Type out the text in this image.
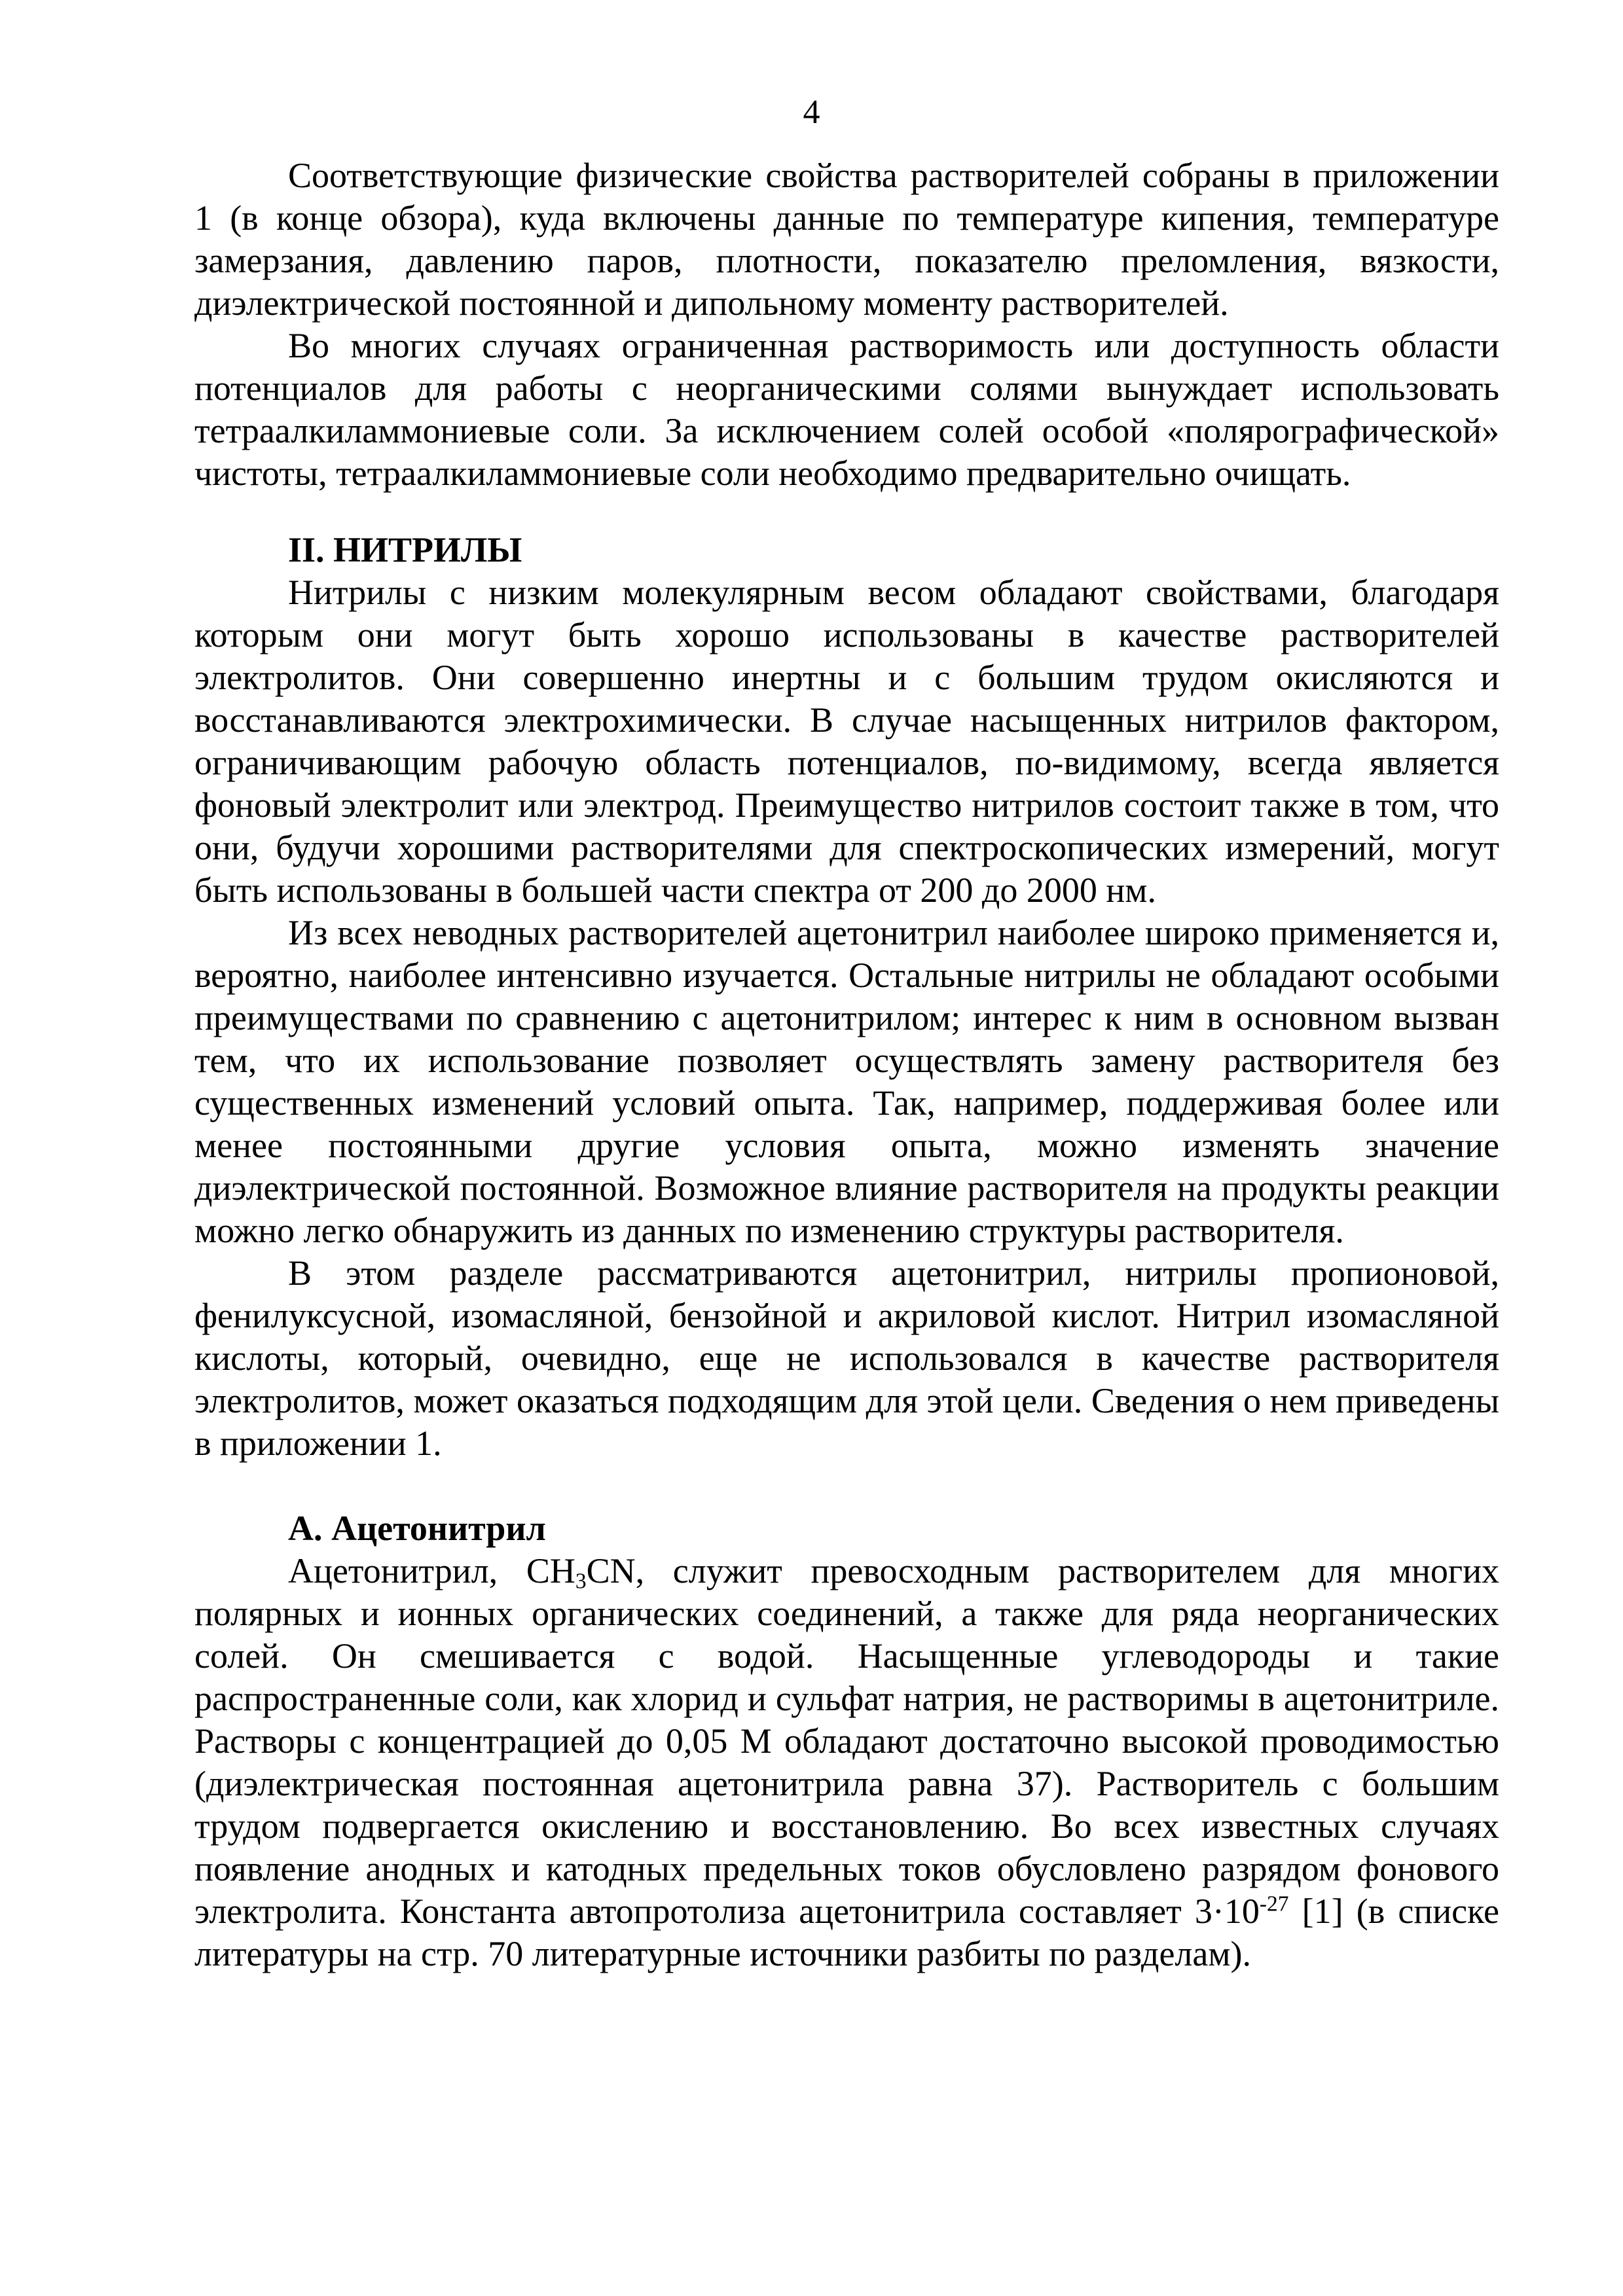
4

Соответствующие физические свойства растворителей собраны в приложении 1 (в конце обзора), куда включены данные по температуре кипения, температуре замерзания, давлению паров, плотности, показателю преломления, вязкости, диэлектрической постоянной и дипольному моменту растворителей.

Во многих случаях ограниченная растворимость или доступность области потенциалов для работы с неорганическими солями вынуждает использовать тетраалкиламмониевые соли. За исключением солей особой «полярографической» чистоты, тетраалкиламмониевые соли необходимо предварительно очищать.

II. НИТРИЛЫ

Нитрилы с низким молекулярным весом обладают свойствами, благодаря которым они могут быть хорошо использованы в качестве растворителей электролитов. Они совершенно инертны и с большим трудом окисляются и восстанавливаются электрохимически. В случае насыщенных нитрилов фактором, ограничивающим рабочую область потенциалов, по-видимому, всегда является фоновый электролит или электрод. Преимущество нитрилов состоит также в том, что они, будучи хорошими растворителями для спектроскопических измерений, могут быть использованы в большей части спектра от 200 до 2000 нм.

Из всех неводных растворителей ацетонитрил наиболее широко применяется и, вероятно, наиболее интенсивно изучается. Остальные нитрилы не обладают особыми преимуществами по сравнению с ацетонитрилом; интерес к ним в основном вызван тем, что их использование позволяет осуществлять замену растворителя без существенных изменений условий опыта. Так, например, поддерживая более или менее постоянными другие условия опыта, можно изменять значение диэлектрической постоянной. Возможное влияние растворителя на продукты реакции можно легко обнаружить из данных по изменению структуры растворителя.

В этом разделе рассматриваются ацетонитрил, нитрилы пропионовой, фенилуксусной, изомасляной, бензойной и акриловой кислот. Нитрил изомасляной кислоты, который, очевидно, еще не использовался в качестве растворителя электролитов, может оказаться подходящим для этой цели. Сведения о нем приведены в приложении 1.

А. Ацетонитрил

Ацетонитрил, $CH_3CN$, служит превосходным растворителем для многих полярных и ионных органических соединений, а также для ряда неорганических солей. Он смешивается с водой. Насыщенные углеводороды и такие распространенные соли, как хлорид и сульфат натрия, не растворимы в ацетонитриле. Растворы с концентрацией до 0,05 М обладают достаточно высокой проводимостью (диэлектрическая постоянная ацетонитрила равна 37). Растворитель с большим трудом подвергается окислению и восстановлению. Во всех известных случаях появление анодных и катодных предельных токов обусловлено разрядом фонового электролита. Константа автопротолиза ацетонитрила составляет $3\cdot 10^{-27}$ [1] (в списке литературы на стр. 70 литературные источники разбиты по разделам).
